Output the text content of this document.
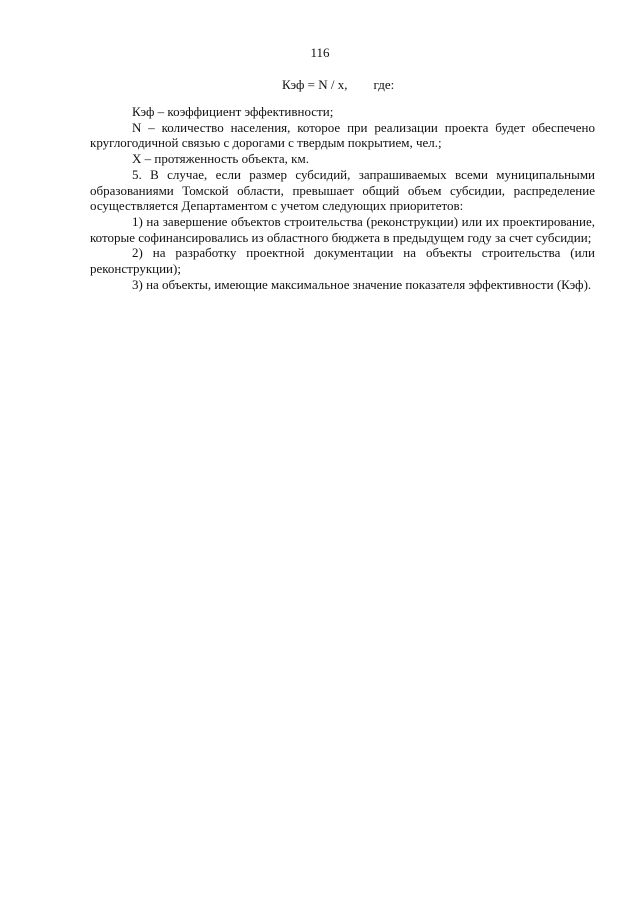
116
Кэф = N / x, где:

Кэф – коэффициент эффективности;

N – количество населения, которое при реализации проекта будет обеспечено круглогодичной связью с дорогами с твердым покрытием, чел.;

Х – протяженность объекта, км.

5. В случае, если размер субсидий, запрашиваемых всеми муниципальными образованиями Томской области, превышает общий объем субсидии, распределение осуществляется Департаментом с учетом следующих приоритетов:

1) на завершение объектов строительства (реконструкции) или их проектирование, которые софинансировались из областного бюджета в предыдущем году за счет субсидии;

2) на разработку проектной документации на объекты строительства (или реконструкции);

3) на объекты, имеющие максимальное значение показателя эффективности (Кэф).
